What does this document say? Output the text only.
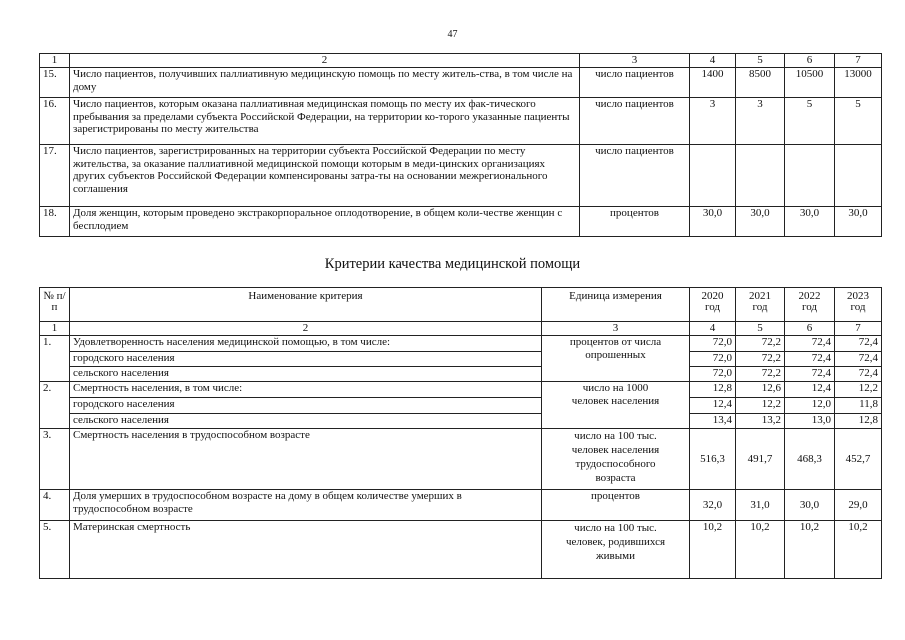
47
1	2	3	4	5	6	7
15.	Число пациентов, получивших паллиативную медицинскую помощь по месту житель-ства, в том числе на дому	число пациентов	1400	8500	10500	13000
16.	Число пациентов, которым оказана паллиативная медицинская помощь по месту их фак-тического пребывания за пределами субъекта Российской Федерации, на территории ко-торого указанные пациенты зарегистрированы по месту жительства	число пациентов	3	3	5	5
17.	Число пациентов, зарегистрированных на территории субъекта Российской Федерации по месту жительства, за оказание паллиативной медицинской помощи которым в меди-цинских организациях других субъектов Российской Федерации компенсированы затра-ты на основании межрегионального соглашения	число пациентов				
18.	Доля женщин, которым проведено экстракорпоральное оплодотворение, в общем коли-честве женщин с бесплодием	процентов	30,0	30,0	30,0	30,0
Критерии качества медицинской помощи
№ п/п	Наименование критерия	Единица измерения	2020 год	2021 год	2022 год	2023 год
1	2	3	4	5	6	7
1.	Удовлетворенность населения медицинской помощью, в том числе:	процентов от числа опрошенных	72,0	72,2	72,4	72,4
	городского населения		72,0	72,2	72,4	72,4
	сельского населения		72,0	72,2	72,4	72,4
2.	Смертность населения, в том числе:	число на 1000 человек населения	12,8	12,6	12,4	12,2
	городского населения		12,4	12,2	12,0	11,8
	сельского населения		13,4	13,2	13,0	12,8
3.	Смертность населения в трудоспособном возрасте	число на 100 тыс. человек населения трудоспособного возраста	516,3	491,7	468,3	452,7
4.	Доля умерших в трудоспособном возрасте на дому в общем количестве умерших в трудоспособном возрасте	процентов	32,0	31,0	30,0	29,0
5.	Материнская смертность	число на 100 тыс. человек, родившихся живыми	10,2	10,2	10,2	10,2
